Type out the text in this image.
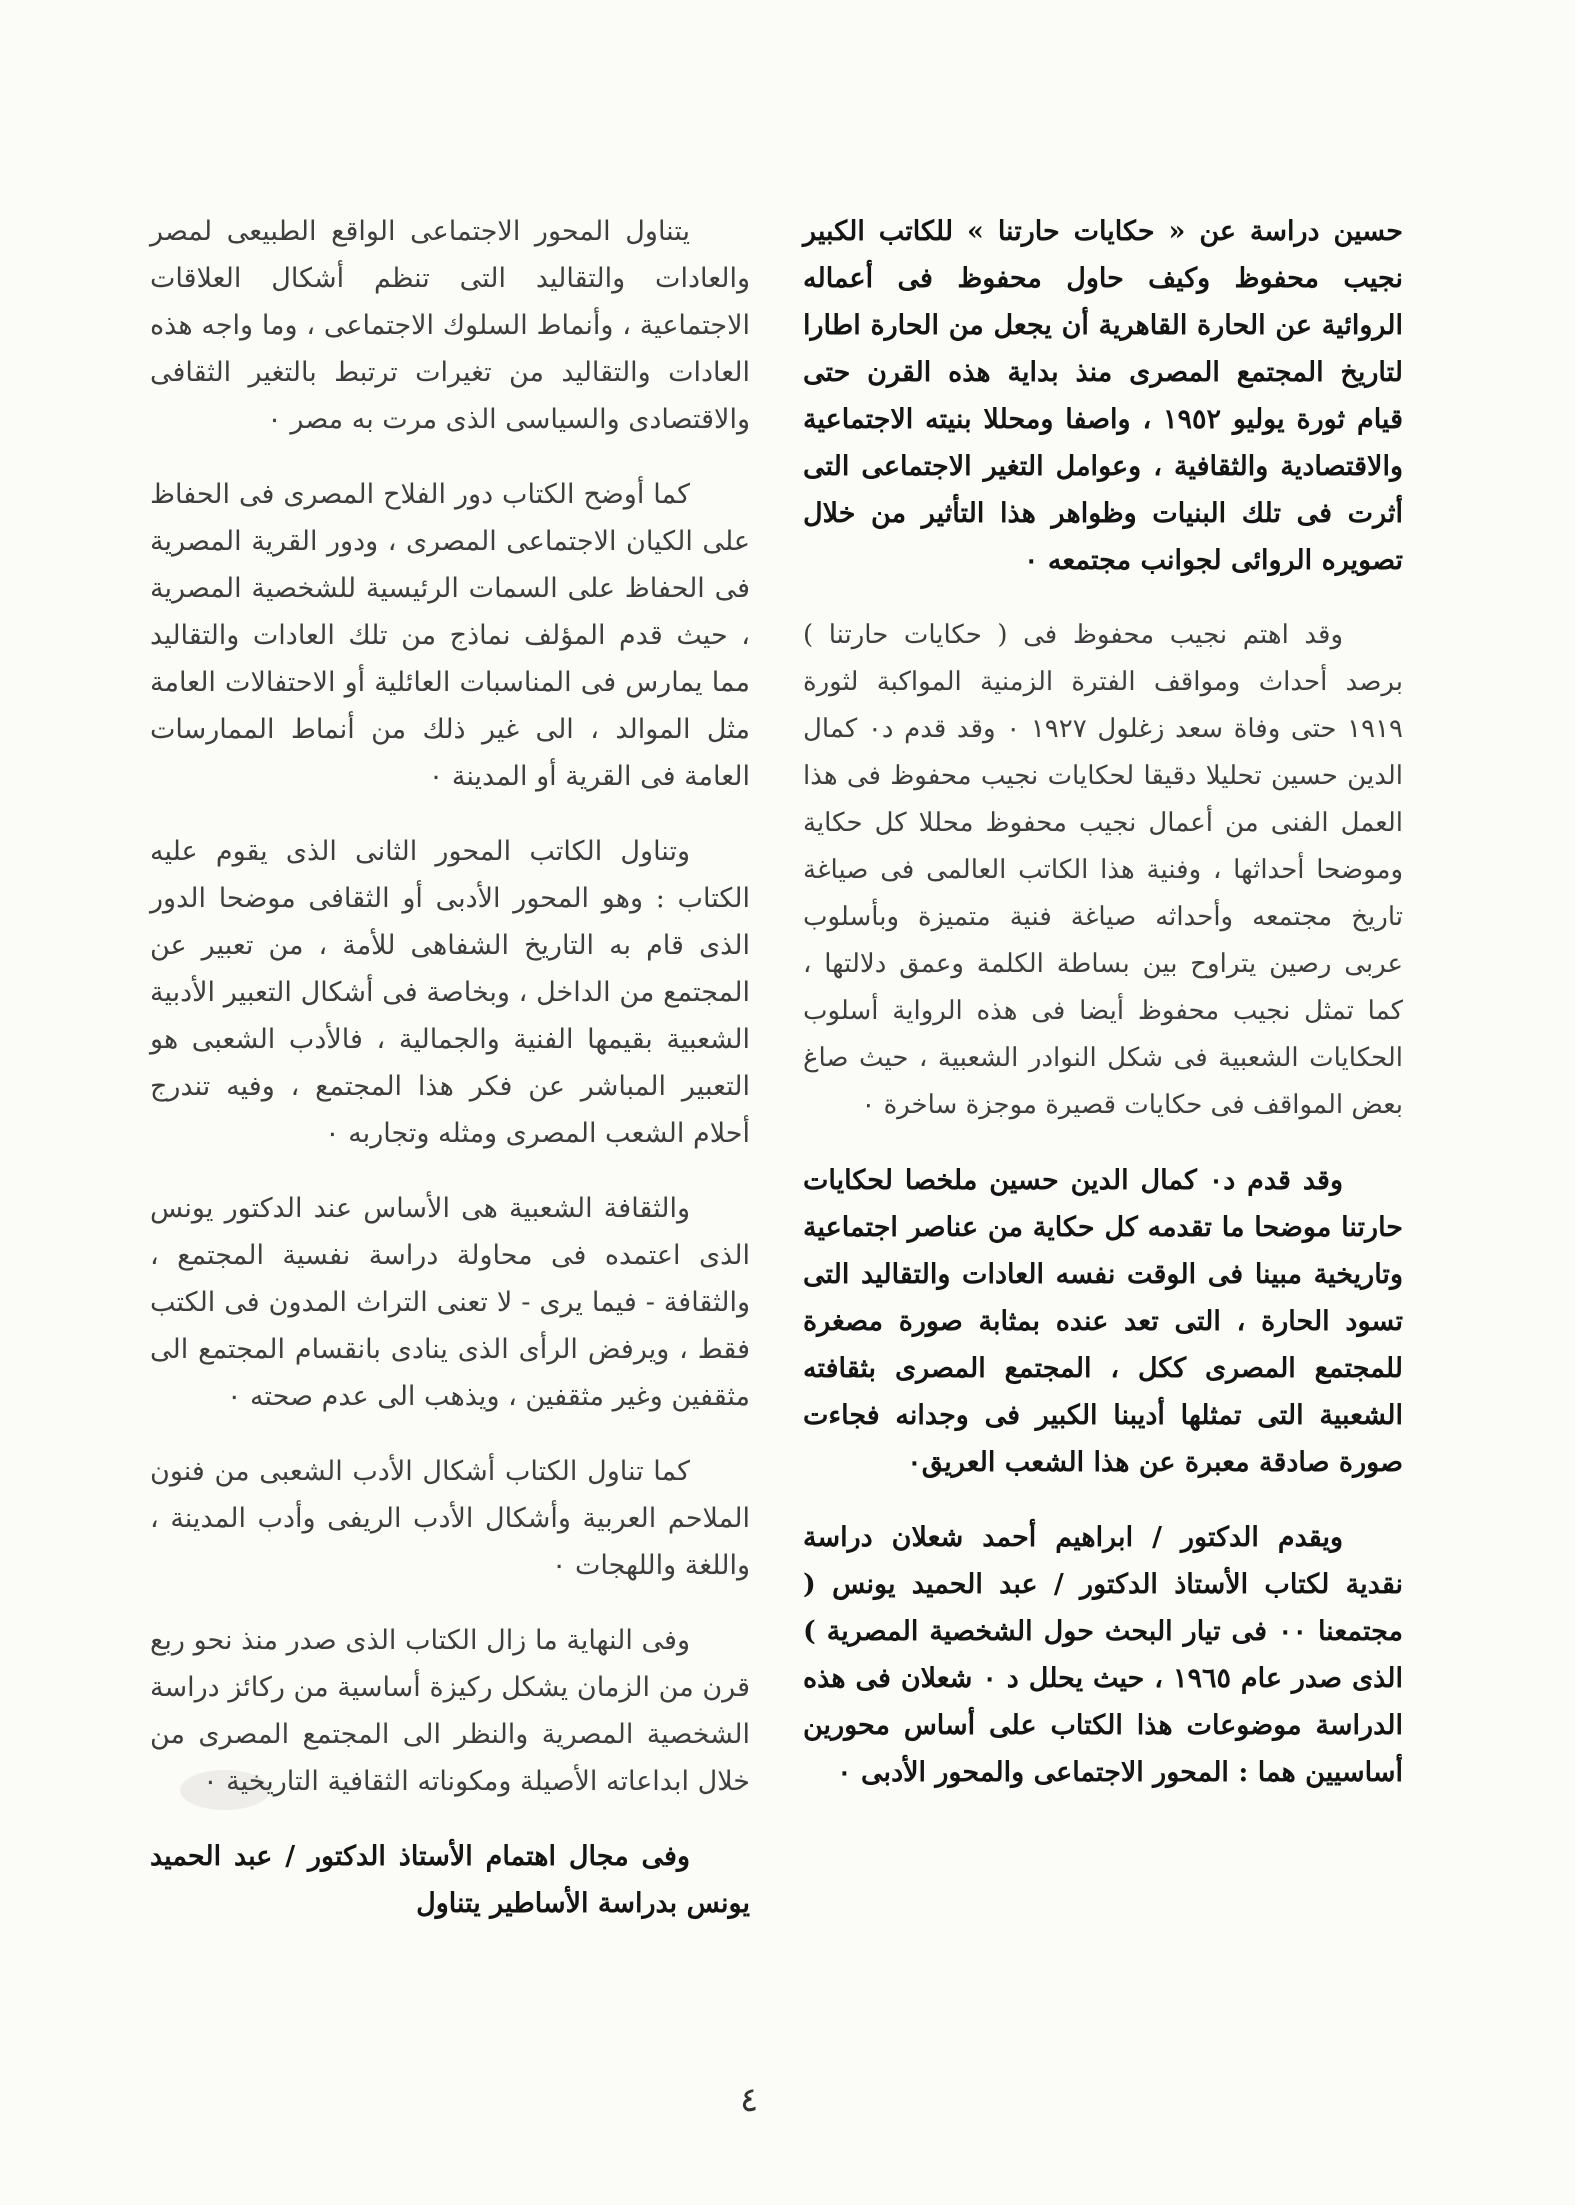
حسين دراسة عن « حكايات حارتنا » للكاتب الكبير نجيب محفوظ وكيف حاول محفوظ فى أعماله الروائية عن الحارة القاهرية أن يجعل من الحارة اطارا لتاريخ المجتمع المصرى منذ بداية هذه القرن حتى قيام ثورة يوليو ١٩٥٢ ، واصفا ومحللا بنيته الاجتماعية والاقتصادية والثقافية ، وعوامل التغير الاجتماعى التى أثرت فى تلك البنيات وظواهر هذا التأثير من خلال تصويره الروائى لجوانب مجتمعه ٠

وقد اهتم نجيب محفوظ فى ( حكايات حارتنا ) برصد أحداث ومواقف الفترة الزمنية المواكبة لثورة ١٩١٩ حتى وفاة سعد زغلول ١٩٢٧ ٠ وقد قدم د٠ كمال الدين حسين تحليلا دقيقا لحكايات نجيب محفوظ فى هذا العمل الفنى من أعمال نجيب محفوظ محللا كل حكاية وموضحا أحداثها ، وفنية هذا الكاتب العالمى فى صياغة تاريخ مجتمعه وأحداثه صياغة فنية متميزة وبأسلوب عربى رصين يتراوح بين بساطة الكلمة وعمق دلالتها ، كما تمثل نجيب محفوظ أيضا فى هذه الرواية أسلوب الحكايات الشعبية فى شكل النوادر الشعبية ، حيث صاغ بعض المواقف فى حكايات قصيرة موجزة ساخرة ٠

وقد قدم د٠ كمال الدين حسين ملخصا لحكايات حارتنا موضحا ما تقدمه كل حكاية من عناصر اجتماعية وتاريخية مبينا فى الوقت نفسه العادات والتقاليد التى تسود الحارة ، التى تعد عنده بمثابة صورة مصغرة للمجتمع المصرى ككل ، المجتمع المصرى بثقافته الشعبية التى تمثلها أديبنا الكبير فى وجدانه فجاءت صورة صادقة معبرة عن هذا الشعب العريق٠

ويقدم الدكتور / ابراهيم أحمد شعلان دراسة نقدية لكتاب الأستاذ الدكتور / عبد الحميد يونس ( مجتمعنا ٠٠ فى تيار البحث حول الشخصية المصرية ) الذى صدر عام ١٩٦٥ ، حيث يحلل د ٠ شعلان فى هذه الدراسة موضوعات هذا الكتاب على أساس محورين أساسيين هما : المحور الاجتماعى والمحور الأدبى ٠

يتناول المحور الاجتماعى الواقع الطبيعى لمصر والعادات والتقاليد التى تنظم أشكال العلاقات الاجتماعية ، وأنماط السلوك الاجتماعى ، وما واجه هذه العادات والتقاليد من تغيرات ترتبط بالتغير الثقافى والاقتصادى والسياسى الذى مرت به مصر ٠

كما أوضح الكتاب دور الفلاح المصرى فى الحفاظ على الكيان الاجتماعى المصرى ، ودور القرية المصرية فى الحفاظ على السمات الرئيسية للشخصية المصرية ، حيث قدم المؤلف نماذج من تلك العادات والتقاليد مما يمارس فى المناسبات العائلية أو الاحتفالات العامة مثل الموالد ، الى غير ذلك من أنماط الممارسات العامة فى القرية أو المدينة ٠

وتناول الكاتب المحور الثانى الذى يقوم عليه الكتاب : وهو المحور الأدبى أو الثقافى موضحا الدور الذى قام به التاريخ الشفاهى للأمة ، من تعبير عن المجتمع من الداخل ، وبخاصة فى أشكال التعبير الأدبية الشعبية بقيمها الفنية والجمالية ، فالأدب الشعبى هو التعبير المباشر عن فكر هذا المجتمع ، وفيه تندرج أحلام الشعب المصرى ومثله وتجاربه ٠

والثقافة الشعبية هى الأساس عند الدكتور يونس الذى اعتمده فى محاولة دراسة نفسية المجتمع ، والثقافة - فيما يرى - لا تعنى التراث المدون فى الكتب فقط ، ويرفض الرأى الذى ينادى بانقسام المجتمع الى مثقفين وغير مثقفين ، ويذهب الى عدم صحته ٠

كما تناول الكتاب أشكال الأدب الشعبى من فنون الملاحم العربية وأشكال الأدب الريفى وأدب المدينة ، واللغة واللهجات ٠

وفى النهاية ما زال الكتاب الذى صدر منذ نحو ربع قرن من الزمان يشكل ركيزة أساسية من ركائز دراسة الشخصية المصرية والنظر الى المجتمع المصرى من خلال ابداعاته الأصيلة ومكوناته الثقافية التاريخية ٠

وفى مجال اهتمام الأستاذ الدكتور / عبد الحميد يونس بدراسة الأساطير يتناول

٤
